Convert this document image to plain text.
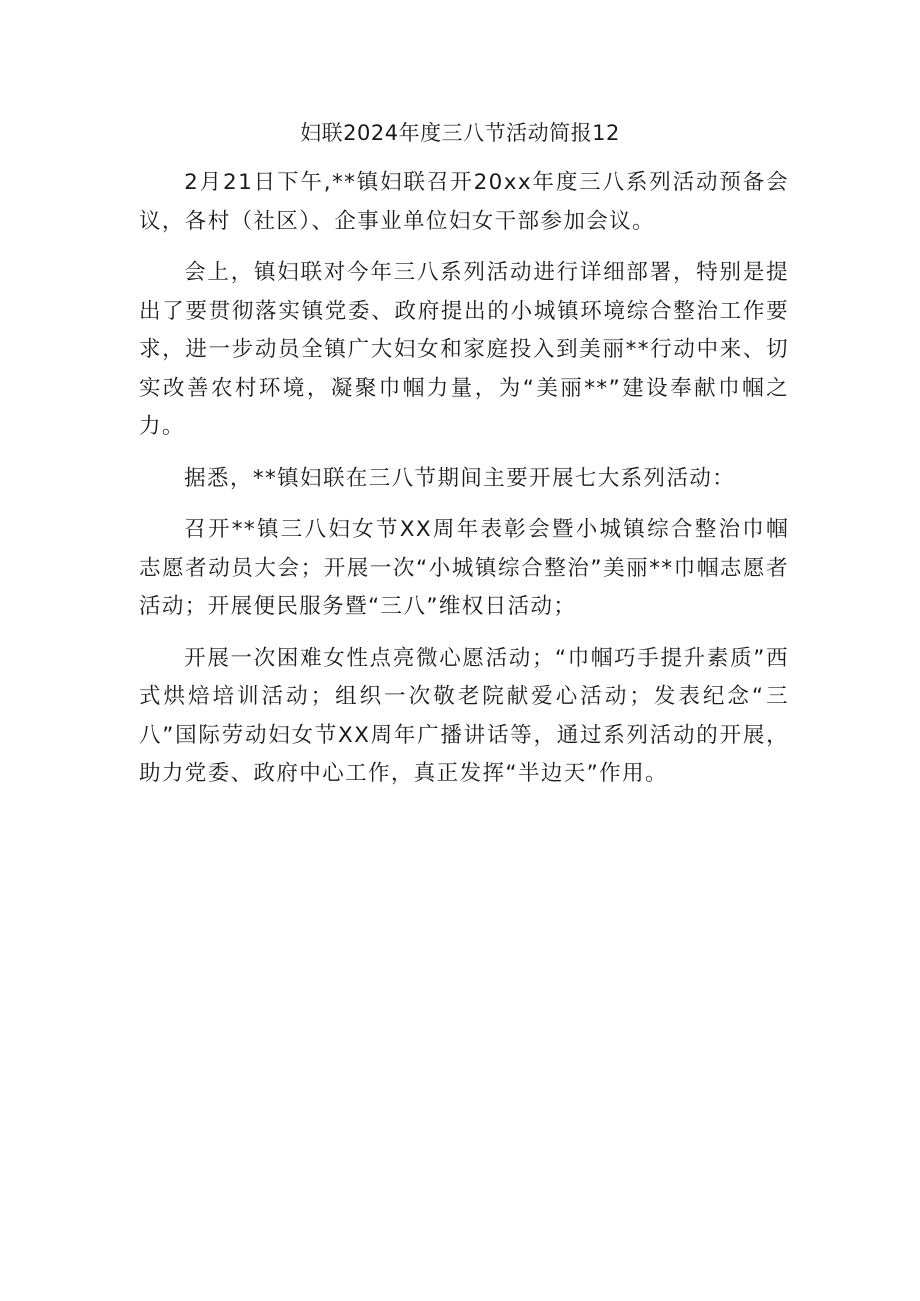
妇联2024年度三八节活动简报12

2月21日下午,**镇妇联召开20xx年度三八系列活动预备会议，各村（社区）、企事业单位妇女干部参加会议。

会上，镇妇联对今年三八系列活动进行详细部署，特别是提出了要贯彻落实镇党委、政府提出的小城镇环境综合整治工作要求，进一步动员全镇广大妇女和家庭投入到美丽**行动中来、切实改善农村环境，凝聚巾帼力量，为“美丽**”建设奉献巾帼之力。

据悉，**镇妇联在三八节期间主要开展七大系列活动：

召开**镇三八妇女节XX周年表彰会暨小城镇综合整治巾帼志愿者动员大会；开展一次“小城镇综合整治”美丽**巾帼志愿者活动；开展便民服务暨“三八”维权日活动；

开展一次困难女性点亮微心愿活动；“巾帼巧手提升素质”西式烘焙培训活动；组织一次敬老院献爱心活动；发表纪念“三八”国际劳动妇女节XX周年广播讲话等，通过系列活动的开展，助力党委、政府中心工作，真正发挥“半边天”作用。
